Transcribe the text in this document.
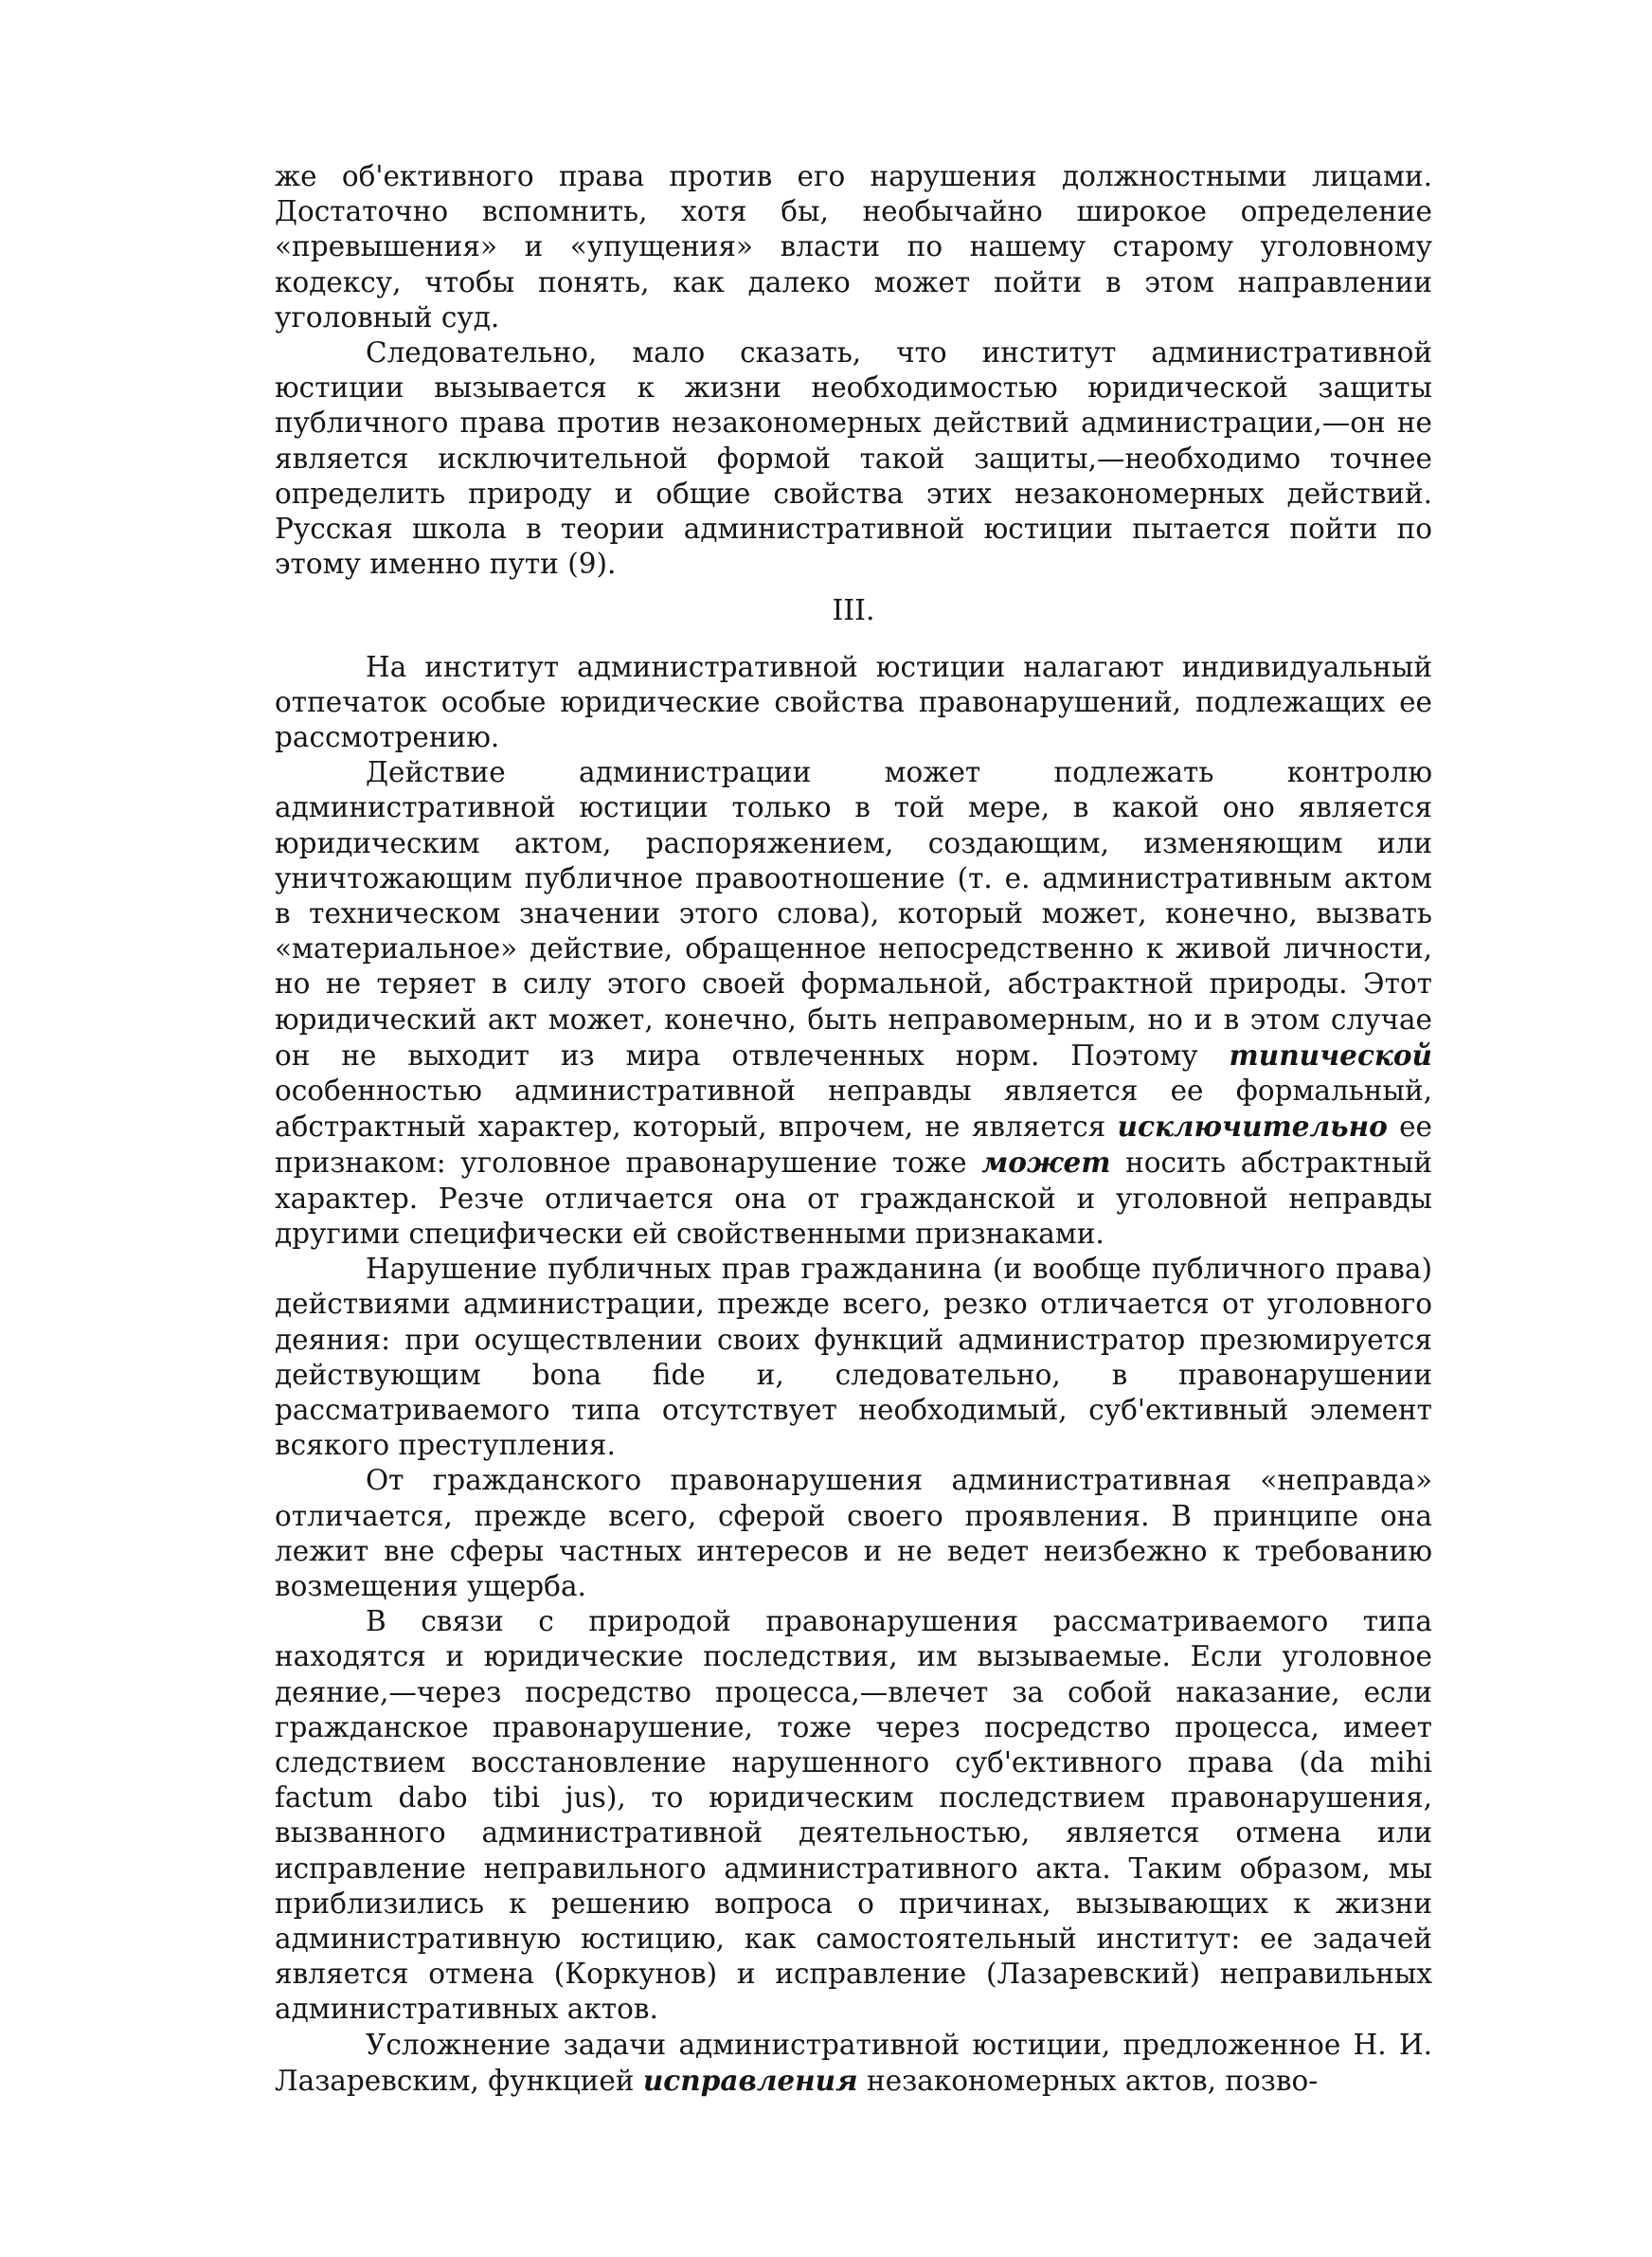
же об'ективного права против его нарушения должностными лицами. Достаточно вспомнить, хотя бы, необычайно широкое определение «превышения» и «упущения» власти по нашему старому уголовному кодексу, чтобы понять, как далеко может пойти в этом направлении уголовный суд.

Следовательно, мало сказать, что институт административной юстиции вызывается к жизни необходимостью юридической защиты публичного права против незакономерных действий администрации,—он не является исключительной формой такой защиты,—необходимо точнее определить природу и общие свойства этих незакономерных действий. Русская школа в теории административной юстиции пытается пойти по этому именно пути (9).

III.

На институт административной юстиции налагают индивидуальный отпечаток особые юридические свойства правонарушений, подлежащих ее рассмотрению.

Действие администрации может подлежать контролю административной юстиции только в той мере, в какой оно является юридическим актом, распоряжением, создающим, изменяющим или уничтожающим публичное правоотношение (т. е. административным актом в техническом значении этого слова), который может, конечно, вызвать «материальное» действие, обращенное непосредственно к живой личности, но не теряет в силу этого своей формальной, абстрактной природы. Этот юридический акт может, конечно, быть неправомерным, но и в этом случае он не выходит из мира отвлеченных норм. Поэтому типической особенностью административной неправды является ее формальный, абстрактный характер, который, впрочем, не является исключительно ее признаком: уголовное правонарушение тоже может носить абстрактный характер. Резче отличается она от гражданской и уголовной неправды другими специфически ей свойственными признаками.

Нарушение публичных прав гражданина (и вообще публичного права) действиями администрации, прежде всего, резко отличается от уголовного деяния: при осуществлении своих функций администратор презюмируется действующим bona fide и, следовательно, в правонарушении рассматриваемого типа отсутствует необходимый, суб'ективный элемент всякого преступления.

От гражданского правонарушения административная «неправда» отличается, прежде всего, сферой своего проявления. В принципе она лежит вне сферы частных интересов и не ведет неизбежно к требованию возмещения ущерба.

В связи с природой правонарушения рассматриваемого типа находятся и юридические последствия, им вызываемые. Если уголовное деяние,—через посредство процесса,—влечет за собой наказание, если гражданское правонарушение, тоже через посредство процесса, имеет следствием восстановление нарушенного суб'ективного права (da mihi factum dabo tibi jus), то юридическим последствием правонарушения, вызванного административной деятельностью, является отмена или исправление неправильного административного акта. Таким образом, мы приблизились к решению вопроса о причинах, вызывающих к жизни административную юстицию, как самостоятельный институт: ее задачей является отмена (Коркунов) и исправление (Лазаревский) неправильных административных актов.

Усложнение задачи административной юстиции, предложенное Н. И. Лазаревским, функцией исправления незакономерных актов, позво-
